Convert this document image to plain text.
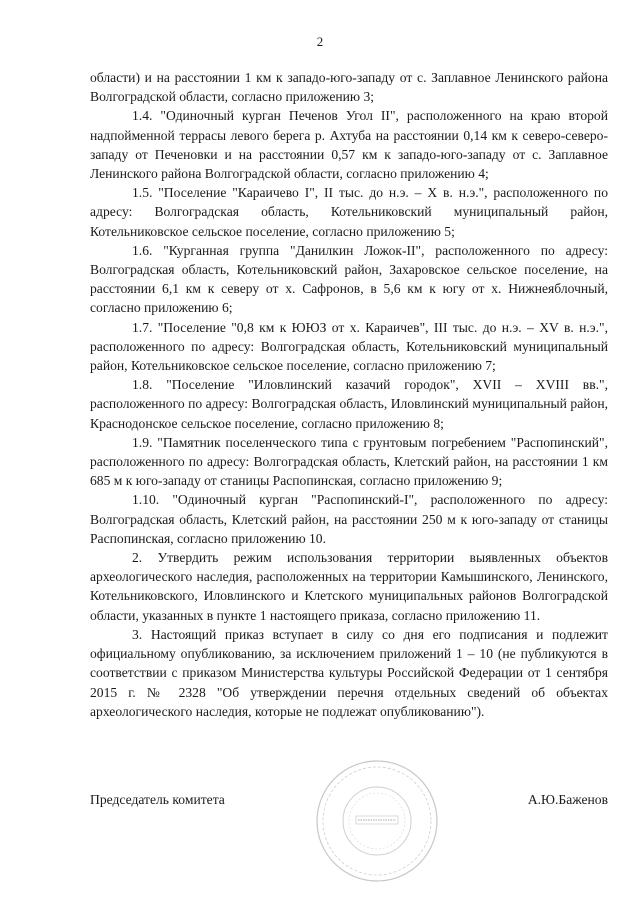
2

области) и на расстоянии 1 км к западо-юго-западу от с. Заплавное Ленинского района Волгоградской области, согласно приложению 3;

1.4. "Одиночный курган Печенов Угол II", расположенного на краю второй надпойменной террасы левого берега р. Ахтуба на расстоянии 0,14 км к северо-северо-западу от Печеновки и на расстоянии 0,57 км к западо-юго-западу от с. Заплавное Ленинского района Волгоградской области, согласно приложению 4;

1.5. "Поселение "Караичево I", II тыс. до н.э. – X в. н.э.", расположенного по адресу: Волгоградская область, Котельниковский муниципальный район, Котельниковское сельское поселение, согласно приложению 5;

1.6. "Курганная группа "Данилкин Ложок-II", расположенного по адресу: Волгоградская область, Котельниковский район, Захаровское сельское поселение, на расстоянии 6,1 км к северу от х. Сафронов, в 5,6 км к югу от х. Нижнеяблочный, согласно приложению 6;

1.7. "Поселение "0,8 км к ЮЮЗ от х. Караичев", III тыс. до н.э. – XV в. н.э.", расположенного по адресу: Волгоградская область, Котельниковский муниципальный район, Котельниковское сельское поселение, согласно приложению 7;

1.8. "Поселение "Иловлинский казачий городок", XVII – XVIII вв.", расположенного по адресу: Волгоградская область, Иловлинский муниципальный район, Краснодонское сельское поселение, согласно приложению 8;

1.9. "Памятник поселенческого типа с грунтовым погребением "Распопинский", расположенного по адресу: Волгоградская область, Клетский район, на расстоянии 1 км 685 м к юго-западу от станицы Распопинская, согласно приложению 9;

1.10. "Одиночный курган "Распопинский-I", расположенного по адресу: Волгоградская область, Клетский район, на расстоянии 250 м к юго-западу от станицы Распопинская, согласно приложению 10.

2. Утвердить режим использования территории выявленных объектов археологического наследия, расположенных на территории Камышинского, Ленинского, Котельниковского, Иловлинского и Клетского муниципальных районов Волгоградской области, указанных в пункте 1 настоящего приказа, согласно приложению 11.

3. Настоящий приказ вступает в силу со дня его подписания и подлежит официальному опубликованию, за исключением приложений 1 – 10 (не публикуются в соответствии с приказом Министерства культуры Российской Федерации от 1 сентября 2015 г. № 2328 "Об утверждении перечня отдельных сведений об объектах археологического наследия, которые не подлежат опубликованию").

Председатель комитета	А.Ю.Баженов
